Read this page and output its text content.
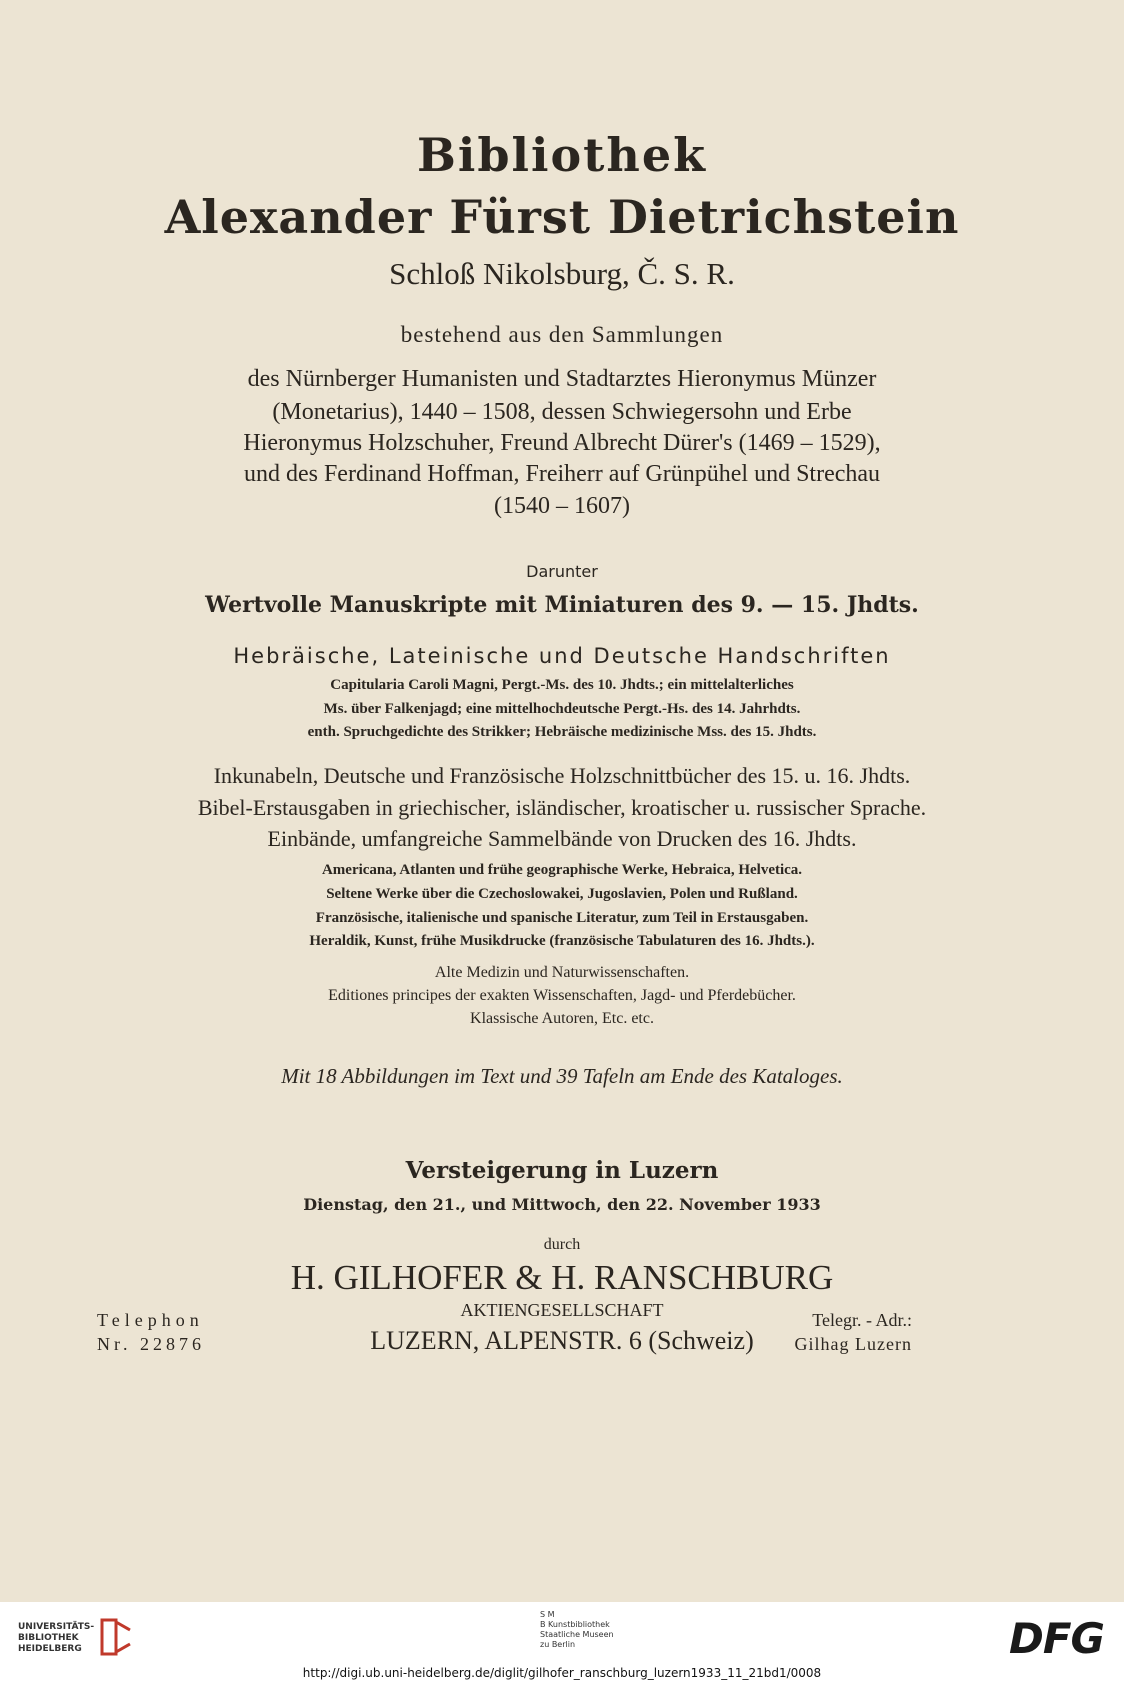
Bibliothek
Alexander Fürst Dietrichstein
Schloß Nikolsburg, Č. S. R.
bestehend aus den Sammlungen
des Nürnberger Humanisten und Stadtarztes Hieronymus Münzer
(Monetarius), 1440 – 1508, dessen Schwiegersohn und Erbe
Hieronymus Holzschuher, Freund Albrecht Dürer's (1469 – 1529),
und des Ferdinand Hoffman, Freiherr auf Grünpühel und Strechau
(1540 – 1607)
Darunter
Wertvolle Manuskripte mit Miniaturen des 9. — 15. Jhdts.
Hebräische, Lateinische und Deutsche Handschriften
Capitularia Caroli Magni, Pergt.-Ms. des 10. Jhdts.; ein mittelalterliches
Ms. über Falkenjagd; eine mittelhochdeutsche Pergt.-Hs. des 14. Jahrhdts.
enth. Spruchgedichte des Strikker; Hebräische medizinische Mss. des 15. Jhdts.
Inkunabeln, Deutsche und Französische Holzschnittbücher des 15. u. 16. Jhdts.
Bibel-Erstausgaben in griechischer, isländischer, kroatischer u. russischer Sprache.
Einbände, umfangreiche Sammelbände von Drucken des 16. Jhdts.
Americana, Atlanten und frühe geographische Werke, Hebraica, Helvetica.
Seltene Werke über die Czechoslowakei, Jugoslavien, Polen und Rußland.
Französische, italienische und spanische Literatur, zum Teil in Erstausgaben.
Heraldik, Kunst, frühe Musikdrucke (französische Tabulaturen des 16. Jhdts.).
Alte Medizin und Naturwissenschaften.
Editiones principes der exakten Wissenschaften, Jagd- und Pferdebücher.
Klassische Autoren, Etc. etc.
Mit 18 Abbildungen im Text und 39 Tafeln am Ende des Kataloges.
Versteigerung in Luzern
Dienstag, den 21., und Mittwoch, den 22. November 1933
durch
H. GILHOFER & H. RANSCHBURG
AKTIENGESELLSCHAFT
LUZERN, ALPENSTR. 6 (Schweiz)
Telephon
Nr. 22876
Telegr. - Adr.:
Gilhag Luzern
UNIVERSITÄTS-
BIBLIOTHEK
HEIDELBERG
S M
B Kunstbibliothek
Staatliche Museen
zu Berlin	DFG
http://digi.ub.uni-heidelberg.de/diglit/gilhofer_ranschburg_luzern1933_11_21bd1/0008
